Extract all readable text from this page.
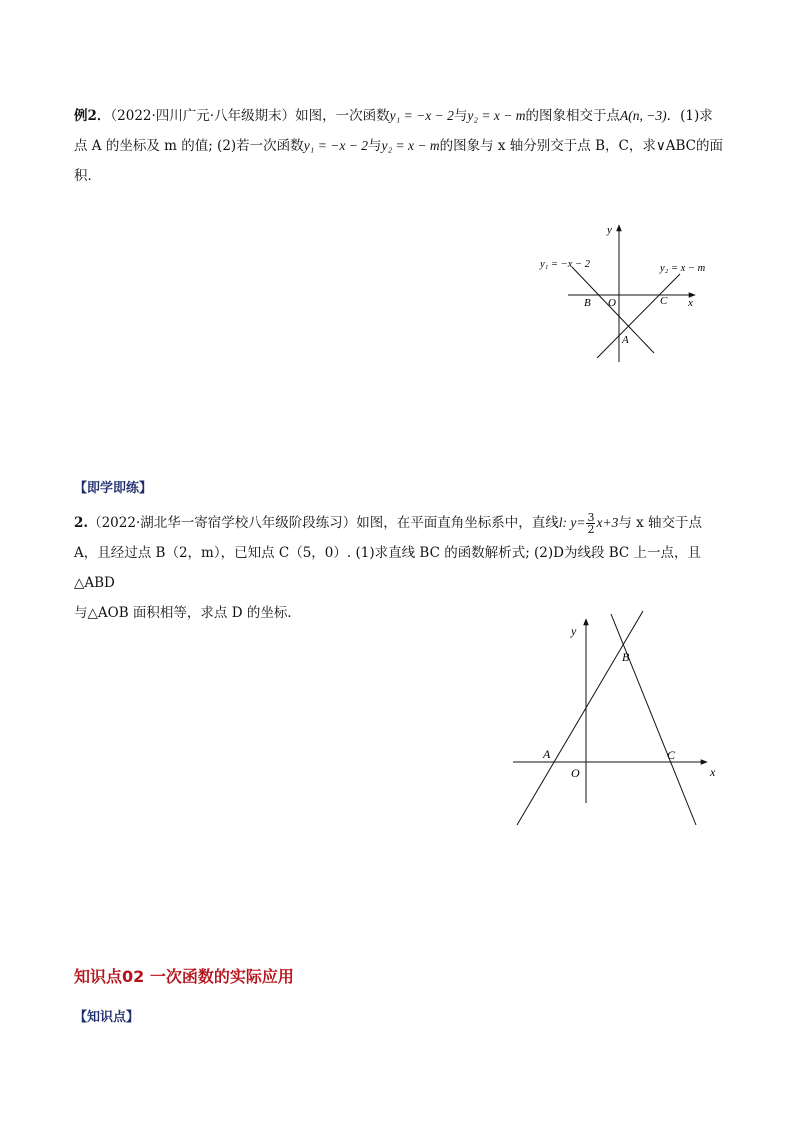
例2．（2022·四川广元·八年级期末）如图，一次函数y₁ = −x − 2与y₂ = x − m的图象相交于点A(n, −3)．(1)求
点 A 的坐标及 m 的值; (2)若一次函数y₁ = −x − 2与y₂ = x − m的图象与 x 轴分别交于点 B，C，求∨ABC的面
积．
y₁ = −x − 2	y₂ = x − m
y
x
B O	C
A
【即学即练】
2.（2022·湖北华一寄宿学校八年级阶段练习）如图，在平面直角坐标系中，直线l: $y= \frac{3}{2} x+3$与 x 轴交于点
A，且经过点 B（2，m），已知点 C（5，0）. (1)求直线 BC 的函数解析式; (2)D为线段 BC 上一点，且△ABD
与△AOB 面积相等，求点 D 的坐标．
y
x
A
O
B
C
知识点02 一次函数的实际应用
【知识点】
